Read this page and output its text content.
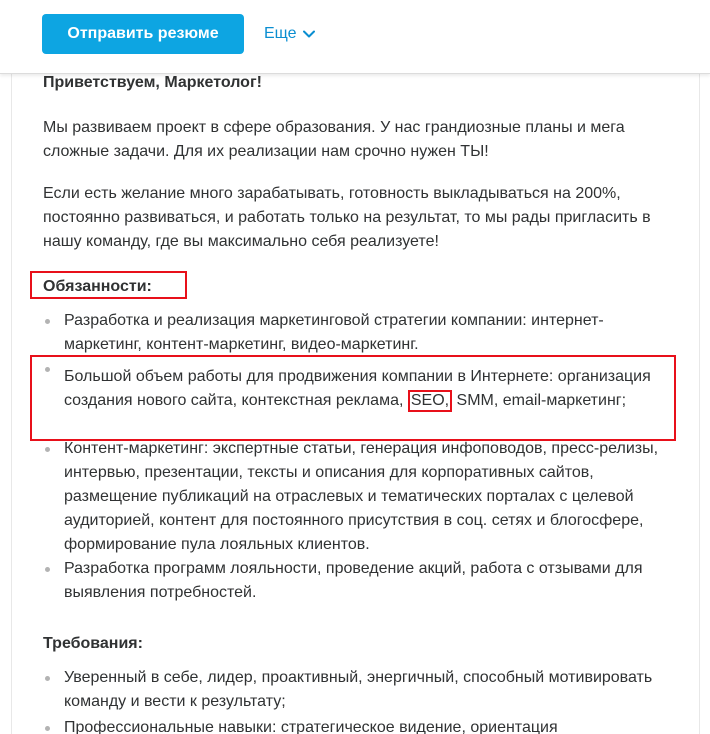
Отправить резюме	Еще

Приветствуем, Маркетолог!

Мы развиваем проект в сфере образования. У нас грандиозные планы и мега сложные задачи. Для их реализации нам срочно нужен ТЫ!

Если есть желание много зарабатывать, готовность выкладываться на 200%, постоянно развиваться, и работать только на результат, то мы рады пригласить в нашу команду, где вы максимально себя реализуете!

Обязанности:

Разработка и реализация маркетинговой стратегии компании: интернет-маркетинг, контент-маркетинг, видео-маркетинг.
Большой объем работы для продвижения компании в Интернете: организация создания нового сайта, контекстная реклама, SEO, SMM, email-маркетинг;
Контент-маркетинг: экспертные статьи, генерация инфоповодов, пресс-релизы, интервью, презентации, тексты и описания для корпоративных сайтов, размещение публикаций на отраслевых и тематических порталах с целевой аудиторией, контент для постоянного присутствия в соц. сетях и блогосфере, формирование пула лояльных клиентов.
Разработка программ лояльности, проведение акций, работа с отзывами для выявления потребностей.

Требования:

Уверенный в себе, лидер, проактивный, энергичный, способный мотивировать команду и вести к результату;
Профессиональные навыки: стратегическое видение, ориентация
